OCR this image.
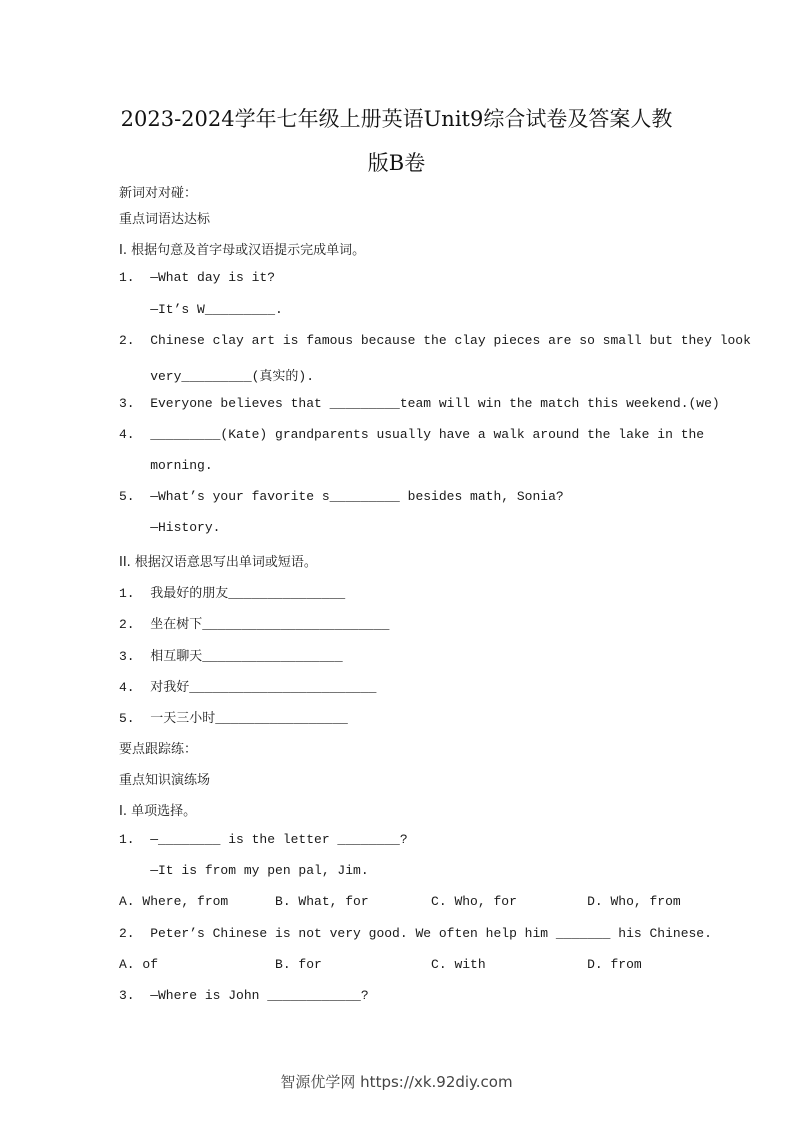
2023-2024学年七年级上册英语Unit9综合试卷及答案人教
版B卷
新词对对碰：
重点词语达达标
I. 根据句意及首字母或汉语提示完成单词。
1.  —What day is it?
—It’s W_________.
2.  Chinese clay art is famous because the clay pieces are so small but they look
very_________(真实的).
3.  Everyone believes that _________team will win the match this weekend.(we)
4.  _________(Kate) grandparents usually have a walk around the lake in the
morning.
5.  —What’s your favorite s_________ besides math, Sonia?
—History.
II. 根据汉语意思写出单词或短语。
1.  我最好的朋友_______________
2.  坐在树下________________________
3.  相互聊天__________________
4.  对我好________________________
5.  一天三小时_________________
要点跟踪练：
重点知识演练场
I. 单项选择。
1.  —________ is the letter ________?
—It is from my pen pal, Jim.
A. Where, from      B. What, for        C. Who, for         D. Who, from
2.  Peter’s Chinese is not very good. We often help him _______ his Chinese.
A. of               B. for              C. with             D. from
3.  —Where is John ____________?
智源优学网 https://xk.92diy.com
